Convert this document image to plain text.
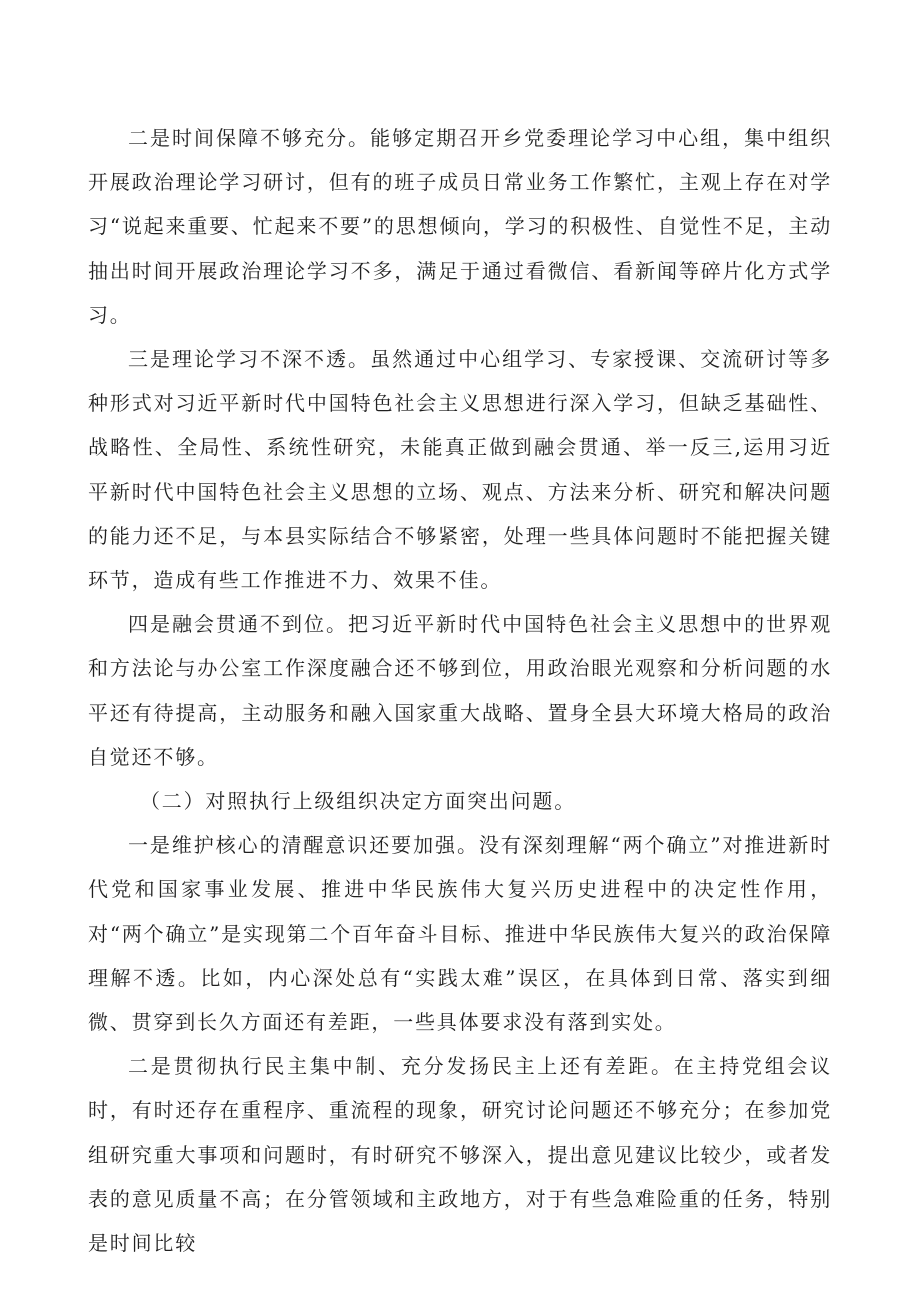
二是时间保障不够充分。能够定期召开乡党委理论学习中心组，集中组织开展政治理论学习研讨，但有的班子成员日常业务工作繁忙，主观上存在对学习“说起来重要、忙起来不要”的思想倾向，学习的积极性、自觉性不足，主动抽出时间开展政治理论学习不多，满足于通过看微信、看新闻等碎片化方式学习。

三是理论学习不深不透。虽然通过中心组学习、专家授课、交流研讨等多种形式对习近平新时代中国特色社会主义思想进行深入学习，但缺乏基础性、战略性、全局性、系统性研究，未能真正做到融会贯通、举一反三,运用习近平新时代中国特色社会主义思想的立场、观点、方法来分析、研究和解决问题的能力还不足，与本县实际结合不够紧密，处理一些具体问题时不能把握关键环节，造成有些工作推进不力、效果不佳。

四是融会贯通不到位。把习近平新时代中国特色社会主义思想中的世界观和方法论与办公室工作深度融合还不够到位，用政治眼光观察和分析问题的水平还有待提高，主动服务和融入国家重大战略、置身全县大环境大格局的政治自觉还不够。

（二）对照执行上级组织决定方面突出问题。

一是维护核心的清醒意识还要加强。没有深刻理解“两个确立”对推进新时代党和国家事业发展、推进中华民族伟大复兴历史进程中的决定性作用，对“两个确立”是实现第二个百年奋斗目标、推进中华民族伟大复兴的政治保障理解不透。比如，内心深处总有“实践太难”误区，在具体到日常、落实到细微、贯穿到长久方面还有差距，一些具体要求没有落到实处。

二是贯彻执行民主集中制、充分发扬民主上还有差距。在主持党组会议时，有时还存在重程序、重流程的现象，研究讨论问题还不够充分；在参加党组研究重大事项和问题时，有时研究不够深入，提出意见建议比较少，或者发表的意见质量不高；在分管领域和主政地方，对于有些急难险重的任务，特别是时间比较
